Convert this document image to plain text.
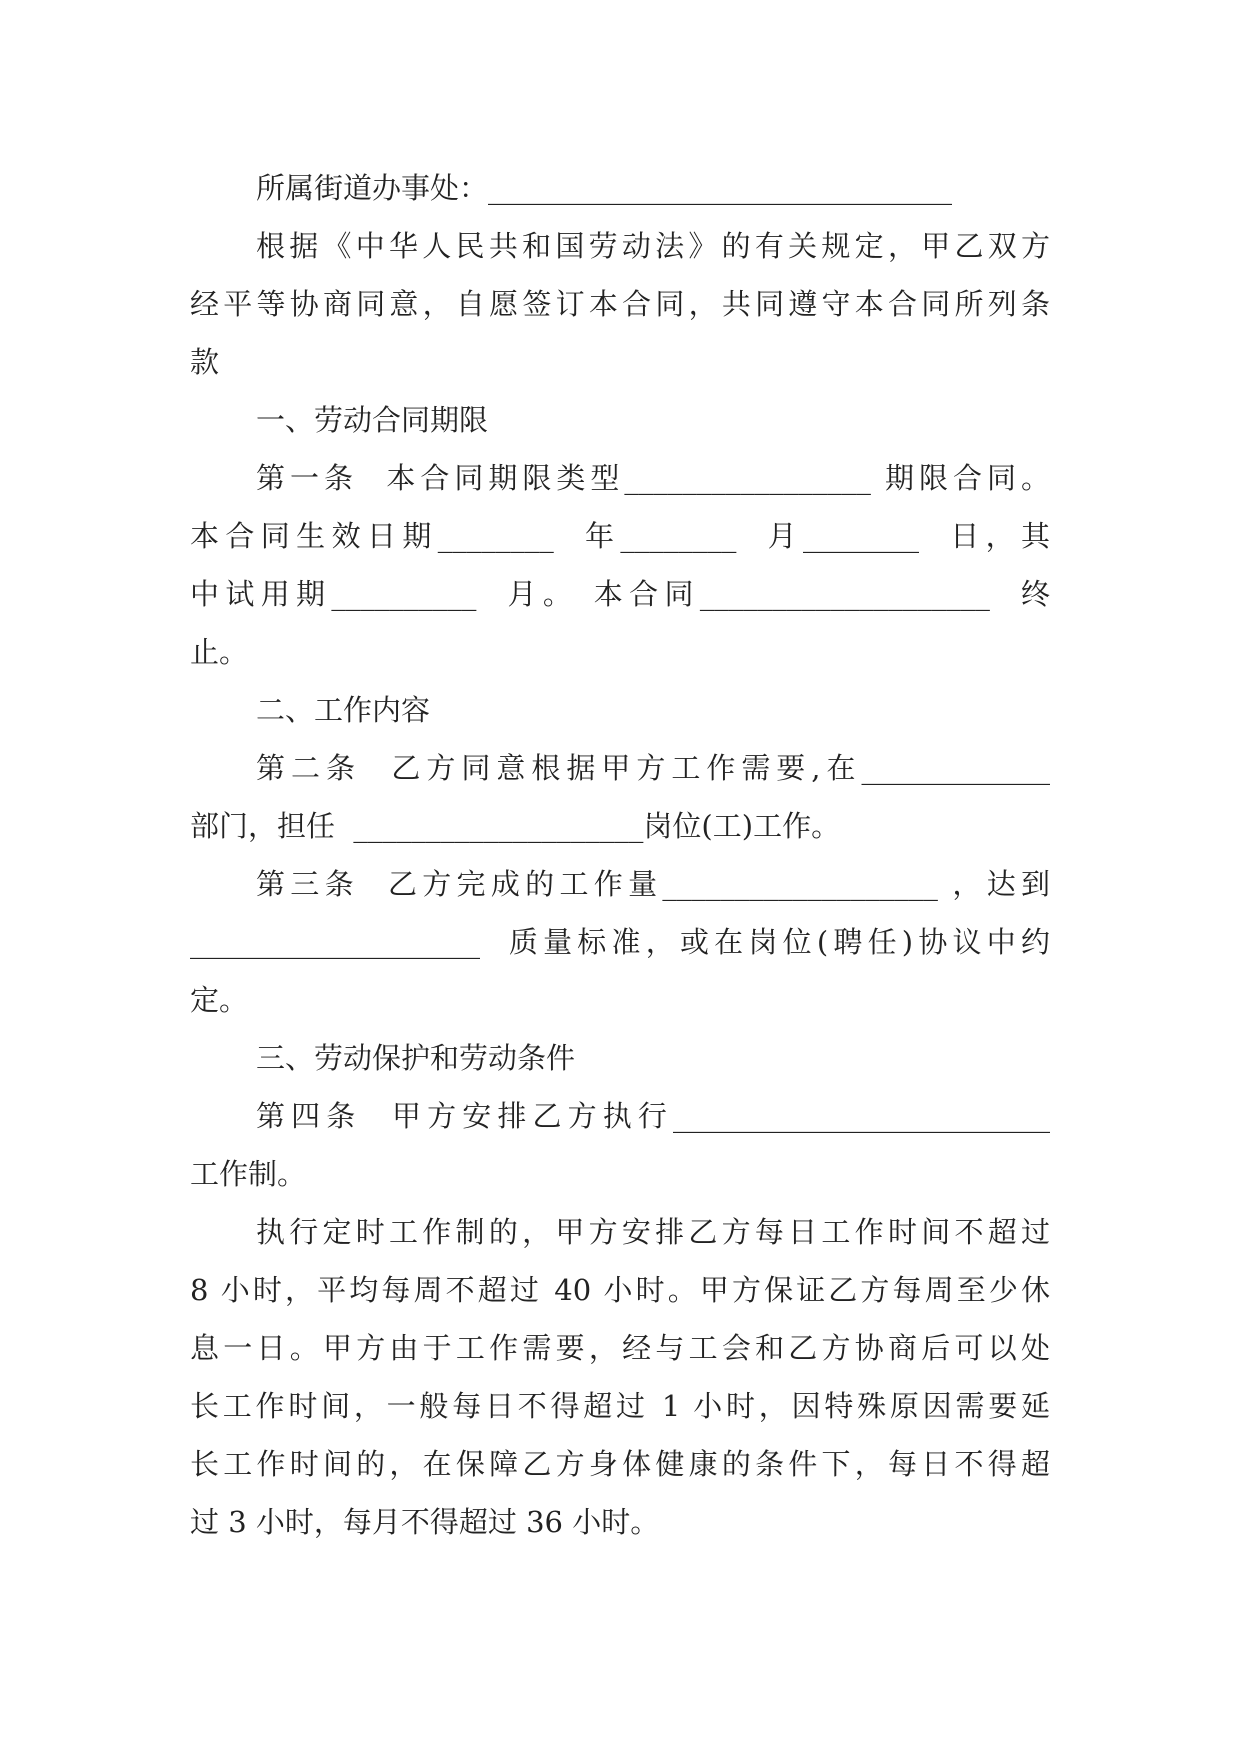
所属街道办事处：________________________________
根据《中华人民共和国劳动法》的有关规定，甲乙双方
经平等协商同意，自愿签订本合同，共同遵守本合同所列条
款
一、劳动合同期限
第一条  本合同期限类型_________________ 期限合同。
本合同生效日期________  年________  月________  日，其
中试用期__________  月。 本合同____________________  终
止。
二、工作内容
第二条  乙方同意根据甲方工作需要,在_____________
部门，担任  ____________________岗位(工)工作。
第三条  乙方完成的工作量___________________ ，达到
____________________  质量标准，或在岗位(聘任)协议中约
定。
三、劳动保护和劳动条件
第四条  甲方安排乙方执行__________________________
工作制。
执行定时工作制的，甲方安排乙方每日工作时间不超过
8 小时，平均每周不超过 40 小时。甲方保证乙方每周至少休
息一日。甲方由于工作需要，经与工会和乙方协商后可以处
长工作时间，一般每日不得超过 1 小时，因特殊原因需要延
长工作时间的，在保障乙方身体健康的条件下，每日不得超
过 3 小时，每月不得超过 36 小时。
